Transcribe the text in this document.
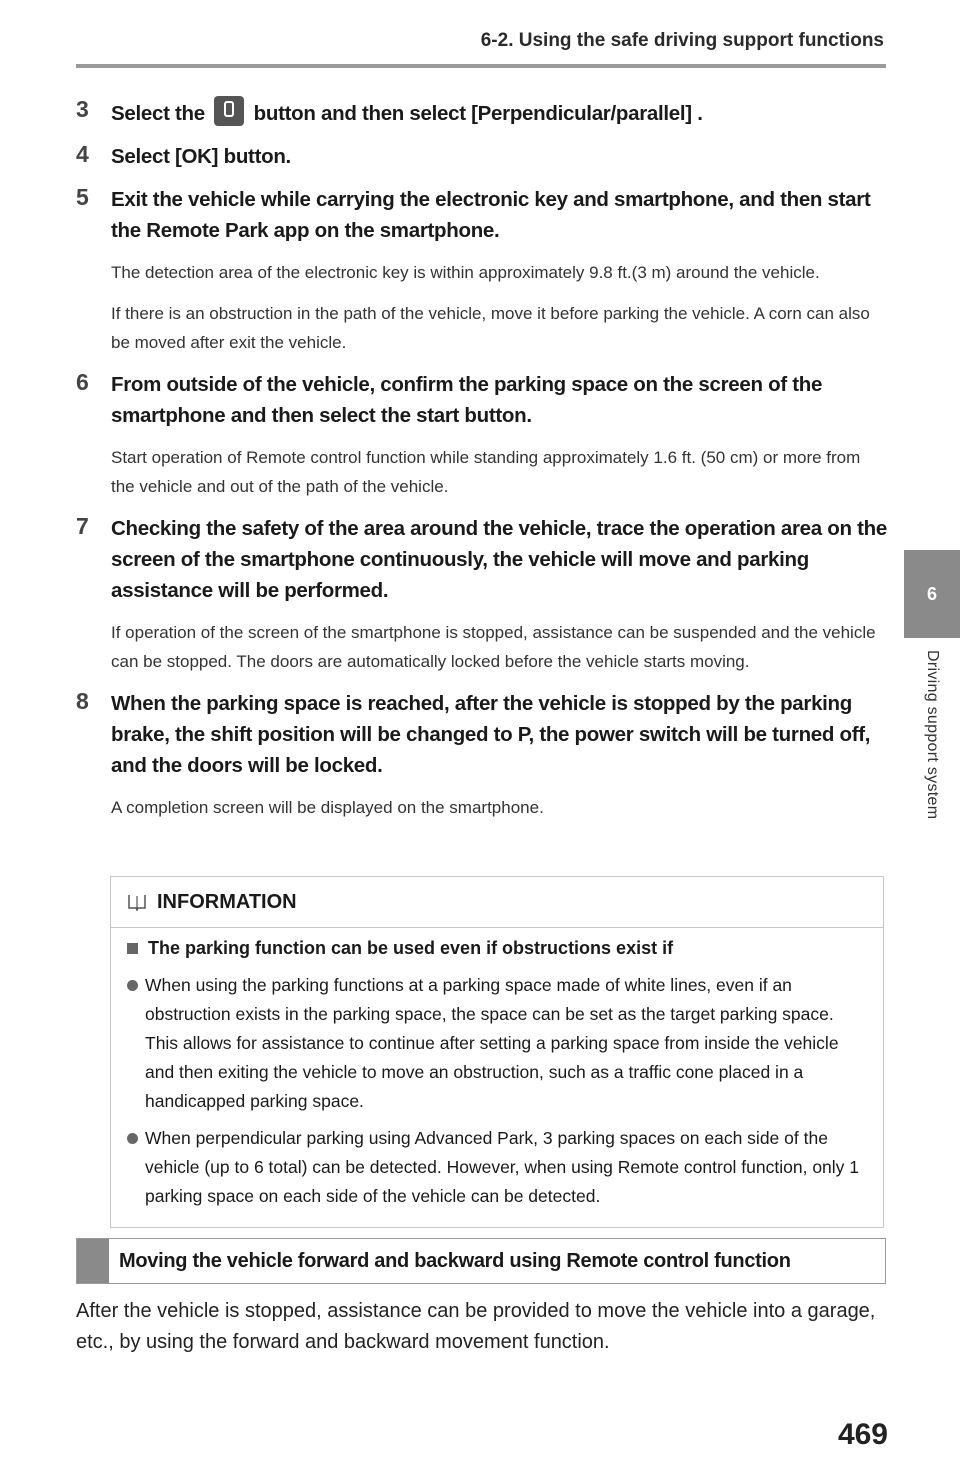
6-2. Using the safe driving support functions
6
Driving support system
3 Select the button and then select [Perpendicular/parallel] .
4 Select [OK] button.
5 Exit the vehicle while carrying the electronic key and smartphone, and then start the Remote Park app on the smartphone.
The detection area of the electronic key is within approximately 9.8 ft.(3 m) around the vehicle.
If there is an obstruction in the path of the vehicle, move it before parking the vehicle. A corn can also be moved after exit the vehicle.
6 From outside of the vehicle, confirm the parking space on the screen of the smartphone and then select the start button.
Start operation of Remote control function while standing approximately 1.6 ft. (50 cm) or more from the vehicle and out of the path of the vehicle.
7 Checking the safety of the area around the vehicle, trace the operation area on the screen of the smartphone continuously, the vehicle will move and parking assistance will be performed.
If operation of the screen of the smartphone is stopped, assistance can be suspended and the vehicle can be stopped. The doors are automatically locked before the vehicle starts moving.
8 When the parking space is reached, after the vehicle is stopped by the parking brake, the shift position will be changed to P, the power switch will be turned off, and the doors will be locked.
A completion screen will be displayed on the smartphone.
INFORMATION
The parking function can be used even if obstructions exist if
When using the parking functions at a parking space made of white lines, even if an obstruction exists in the parking space, the space can be set as the target parking space. This allows for assistance to continue after setting a parking space from inside the vehicle and then exiting the vehicle to move an obstruction, such as a traffic cone placed in a handicapped parking space.
When perpendicular parking using Advanced Park, 3 parking spaces on each side of the vehicle (up to 6 total) can be detected. However, when using Remote control function, only 1 parking space on each side of the vehicle can be detected.
Moving the vehicle forward and backward using Remote control function
After the vehicle is stopped, assistance can be provided to move the vehicle into a garage, etc., by using the forward and backward movement function.
469
